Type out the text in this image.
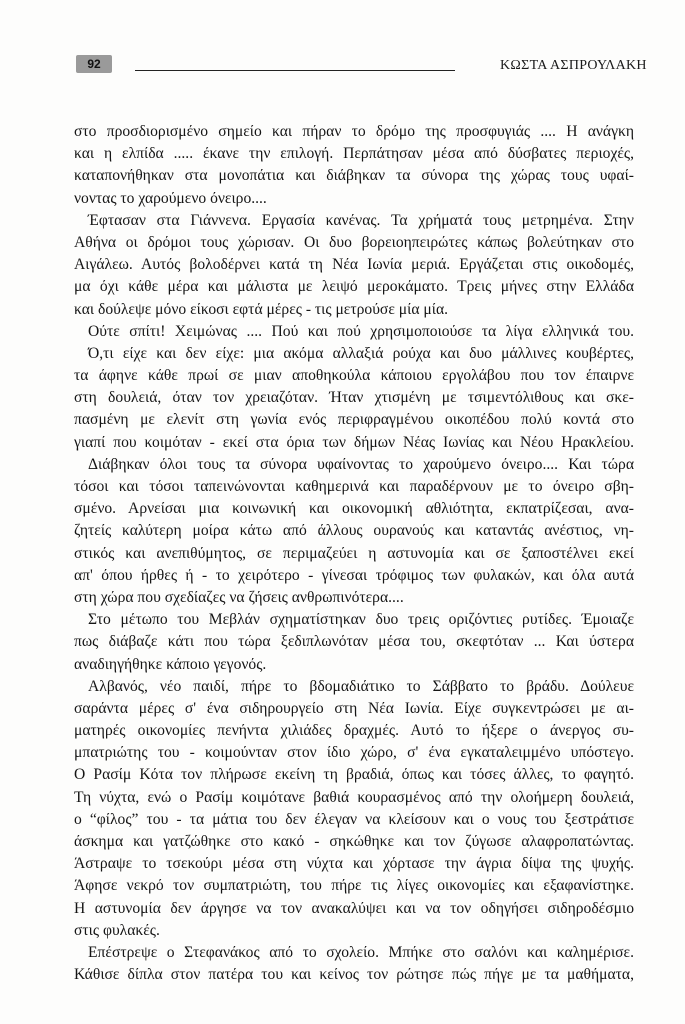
92	ΚΩΣΤΑ ΑΣΠΡΟΥΛΑΚΗ
στο προσδιορισμένο σημείο και πήραν το δρόμο της προσφυγιάς .... Η ανάγκη
και η ελπίδα ..... έκανε την επιλογή. Περπάτησαν μέσα από δύσβατες περιοχές,
καταπονήθηκαν στα μονοπάτια και διάβηκαν τα σύνορα της χώρας τους υφαί-
νοντας το χαρούμενο όνειρο....
Έφτασαν στα Γιάννενα. Εργασία κανένας. Τα χρήματά τους μετρημένα. Στην
Αθήνα οι δρόμοι τους χώρισαν. Οι δυο βορειοηπειρώτες κάπως βολεύτηκαν στο
Αιγάλεω. Αυτός βολοδέρνει κατά τη Νέα Ιωνία μεριά. Εργάζεται στις οικοδομές,
μα όχι κάθε μέρα και μάλιστα με λειψό μεροκάματο. Τρεις μήνες στην Ελλάδα
και δούλεψε μόνο είκοσι εφτά μέρες - τις μετρούσε μία μία.
Ούτε σπίτι! Χειμώνας .... Πού και πού χρησιμοποιούσε τα λίγα ελληνικά του.
Ό,τι είχε και δεν είχε: μια ακόμα αλλαξιά ρούχα και δυο μάλλινες κουβέρτες,
τα άφηνε κάθε πρωί σε μιαν αποθηκούλα κάποιου εργολάβου που τον έπαιρνε
στη δουλειά, όταν τον χρειαζόταν. Ήταν χτισμένη με τσιμεντόλιθους και σκε-
πασμένη με ελενίτ στη γωνία ενός περιφραγμένου οικοπέδου πολύ κοντά στο
γιαπί που κοιμόταν - εκεί στα όρια των δήμων Νέας Ιωνίας και Νέου Ηρακλείου.
Διάβηκαν όλοι τους τα σύνορα υφαίνοντας το χαρούμενο όνειρο.... Και τώρα
τόσοι και τόσοι ταπεινώνονται καθημερινά και παραδέρνουν με το όνειρο σβη-
σμένο. Αρνείσαι μια κοινωνική και οικονομική αθλιότητα, εκπατρίζεσαι, ανα-
ζητείς καλύτερη μοίρα κάτω από άλλους ουρανούς και καταντάς ανέστιος, νη-
στικός και ανεπιθύμητος, σε περιμαζεύει η αστυνομία και σε ξαποστέλνει εκεί
απ' όπου ήρθες ή - το χειρότερο - γίνεσαι τρόφιμος των φυλακών, και όλα αυτά
στη χώρα που σχεδίαζες να ζήσεις ανθρωπινότερα....
Στο μέτωπο του Μεβλάν σχηματίστηκαν δυο τρεις οριζόντιες ρυτίδες. Έμοιαζε
πως διάβαζε κάτι που τώρα ξεδιπλωνόταν μέσα του, σκεφτόταν ... Και ύστερα
αναδιηγήθηκε κάποιο γεγονός.
Αλβανός, νέο παιδί, πήρε το βδομαδιάτικο το Σάββατο το βράδυ. Δούλευε
σαράντα μέρες σ' ένα σιδηρουργείο στη Νέα Ιωνία. Είχε συγκεντρώσει με αι-
ματηρές οικονομίες πενήντα χιλιάδες δραχμές. Αυτό το ήξερε ο άνεργος συ-
μπατριώτης του - κοιμούνταν στον ίδιο χώρο, σ' ένα εγκαταλειμμένο υπόστεγο.
Ο Ρασίμ Κότα τον πλήρωσε εκείνη τη βραδιά, όπως και τόσες άλλες, το φαγητό.
Τη νύχτα, ενώ ο Ρασίμ κοιμότανε βαθιά κουρασμένος από την ολοήμερη δουλειά,
ο “φίλος” του - τα μάτια του δεν έλεγαν να κλείσουν και ο νους του ξεστράτισε
άσκημα και γατζώθηκε στο κακό - σηκώθηκε και τον ζύγωσε αλαφροπατώντας.
Άστραψε το τσεκούρι μέσα στη νύχτα και χόρτασε την άγρια δίψα της ψυχής.
Άφησε νεκρό τον συμπατριώτη, του πήρε τις λίγες οικονομίες και εξαφανίστηκε.
Η αστυνομία δεν άργησε να τον ανακαλύψει και να τον οδηγήσει σιδηροδέσμιο
στις φυλακές.
Επέστρεψε ο Στεφανάκος από το σχολείο. Μπήκε στο σαλόνι και καλημέρισε.
Κάθισε δίπλα στον πατέρα του και κείνος τον ρώτησε πώς πήγε με τα μαθήματα,
